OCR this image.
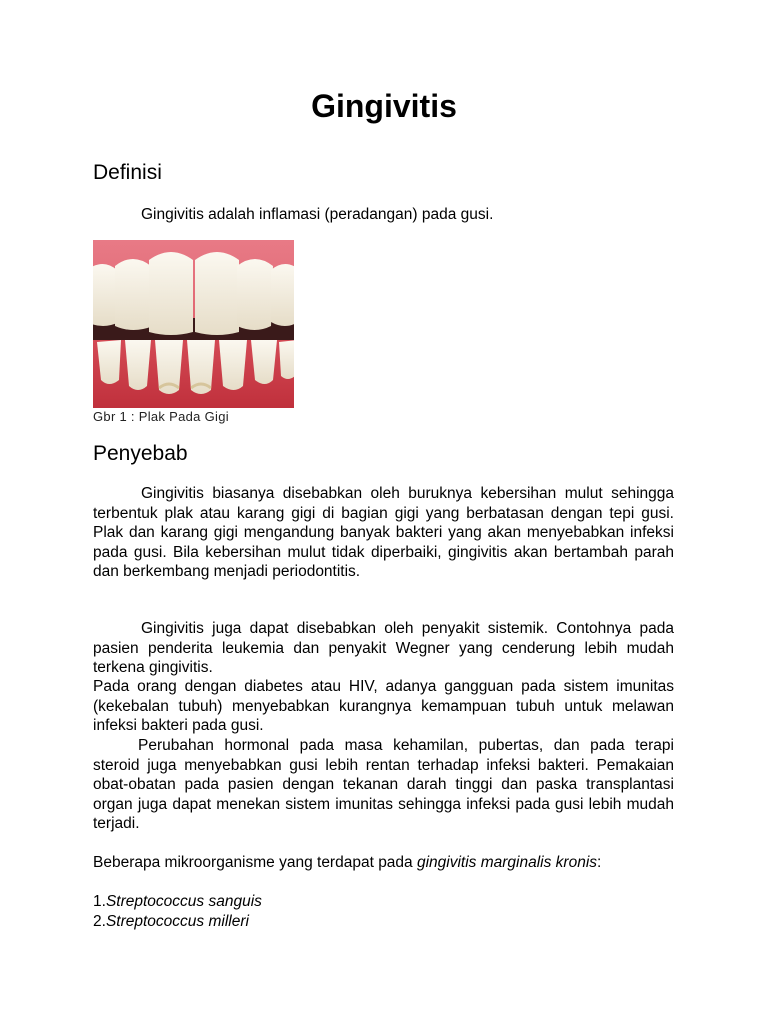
Gingivitis
Definisi

Gingivitis adalah inflamasi (peradangan) pada gusi.

Gbr 1 : Plak Pada Gigi

Penyebab

Gingivitis biasanya disebabkan oleh buruknya kebersihan mulut sehingga terbentuk plak atau karang gigi di bagian gigi yang berbatasan dengan tepi gusi. Plak dan karang gigi mengandung banyak bakteri yang akan menyebabkan infeksi pada gusi. Bila kebersihan mulut tidak diperbaiki, gingivitis akan bertambah parah dan berkembang menjadi periodontitis.

Gingivitis juga dapat disebabkan oleh penyakit sistemik. Contohnya pada pasien penderita leukemia dan penyakit Wegner yang cenderung lebih mudah terkena gingivitis.

Pada orang dengan diabetes atau HIV, adanya gangguan pada sistem imunitas (kekebalan tubuh) menyebabkan kurangnya kemampuan tubuh untuk melawan infeksi bakteri pada gusi.

Perubahan hormonal pada masa kehamilan, pubertas, dan pada terapi steroid juga menyebabkan gusi lebih rentan terhadap infeksi bakteri. Pemakaian obat-obatan pada pasien dengan tekanan darah tinggi dan paska transplantasi organ juga dapat menekan sistem imunitas sehingga infeksi pada gusi lebih mudah terjadi.

Beberapa mikroorganisme yang terdapat pada gingivitis marginalis kronis:

1.Streptococcus sanguis

2.Streptococcus milleri
